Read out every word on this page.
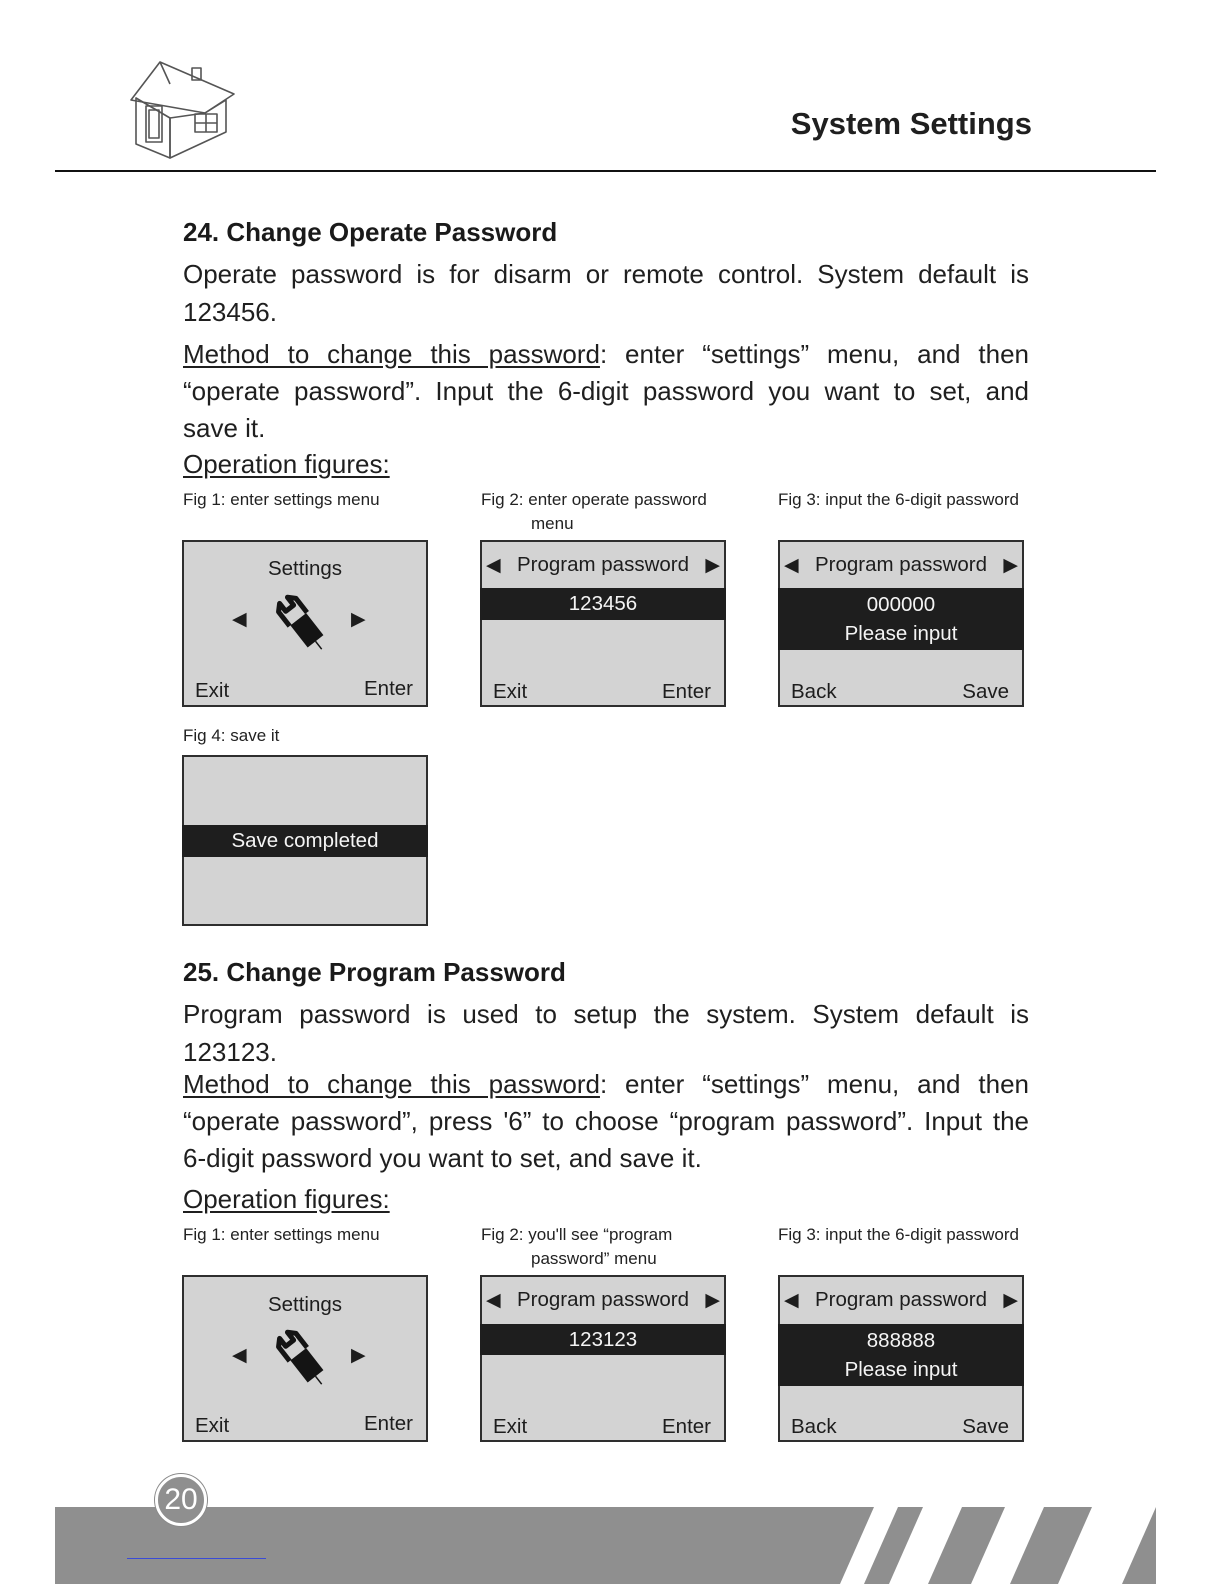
System Settings
24. Change Operate Password
Operate password is for disarm or remote control. System default is
123456.
Method to change this password: enter “settings” menu, and then
“operate password”. Input the 6-digit password you want to set, and
save it.
Operation figures:
Fig 1: enter settings menu	Fig 2: enter operate password
menu
Fig 3: input the 6-digit password
Settings
◀	▶
Exit	Enter
◀ Program password ▶
123456
Exit	Enter
◀ Program password ▶
000000
Please input
Back	Save
Fig 4: save it
Save completed
25. Change Program Password
Program password is used to setup the system. System default is
123123.
Method to change this password: enter “settings” menu, and then
“operate password”, press '6” to choose “program password”. Input the
6-digit password you want to set, and save it.
Operation figures:
Fig 1: enter settings menu	Fig 2: you'll see “program
password” menu
Fig 3: input the 6-digit password
Settings
◀	▶
Exit	Enter
◀ Program password ▶
123123
Exit	Enter
◀ Program password ▶
888888
Please input
Back	Save
20
